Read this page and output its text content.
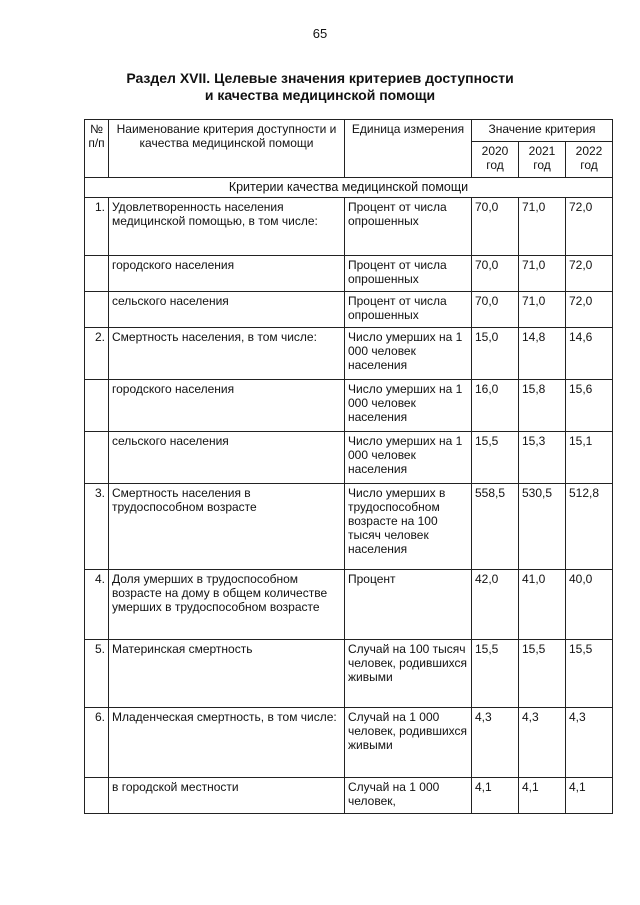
65
Раздел XVII. Целевые значения критериев доступности
и качества медицинской помощи
№ п/п	Наименование критерия доступности и качества медицинской помощи	Единица измерения	Значение критерия		
			2020 год	2021 год	2022 год
Критерии качества медицинской помощи					
1.	Удовлетворенность населения медицинской помощью, в том числе:	Процент от числа опрошенных	70,0	71,0	72,0
	городского населения	Процент от числа опрошенных	70,0	71,0	72,0
	сельского населения	Процент от числа опрошенных	70,0	71,0	72,0
2.	Смертность населения, в том числе:	Число умерших на 1 000 человек населения	15,0	14,8	14,6
	городского населения	Число умерших на 1 000 человек населения	16,0	15,8	15,6
	сельского населения	Число умерших на 1 000 человек населения	15,5	15,3	15,1
3.	Смертность населения в трудоспособном возрасте	Число умерших в трудоспособном возрасте на 100 тысяч человек населения	558,5	530,5	512,8
4.	Доля умерших в трудоспособном возрасте на дому в общем количестве умерших в трудоспособном возрасте	Процент	42,0	41,0	40,0
5.	Материнская смертность	Случай на 100 тысяч человек, родившихся живыми	15,5	15,5	15,5
6.	Младенческая смертность, в том числе:	Случай на 1 000 человек, родившихся живыми	4,3	4,3	4,3
	в городской местности	Случай на 1 000 человек,	4,1	4,1	4,1
